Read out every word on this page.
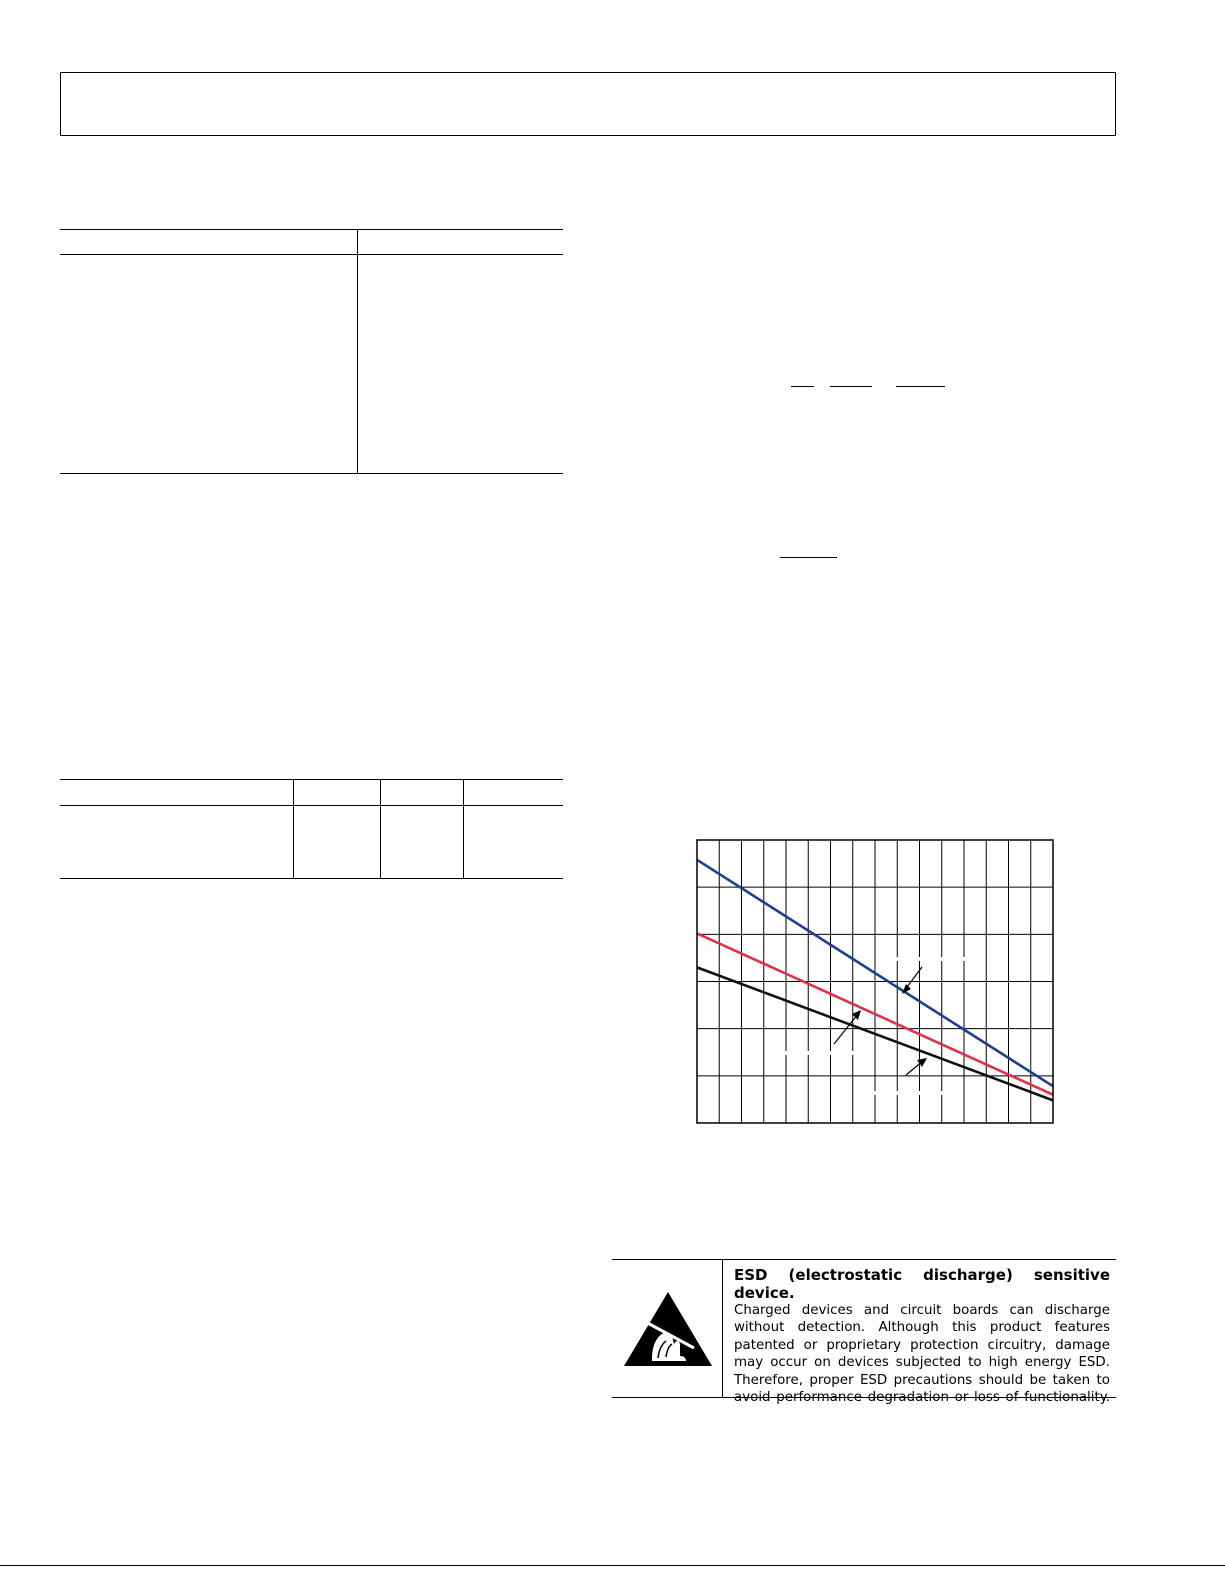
ESD (electrostatic discharge) sensitive device.
Charged devices and circuit boards can discharge
without detection. Although this product features
patented or proprietary protection circuitry, damage
may occur on devices subjected to high energy ESD.
Therefore, proper ESD precautions should be taken to
avoid performance degradation or loss of functionality.
